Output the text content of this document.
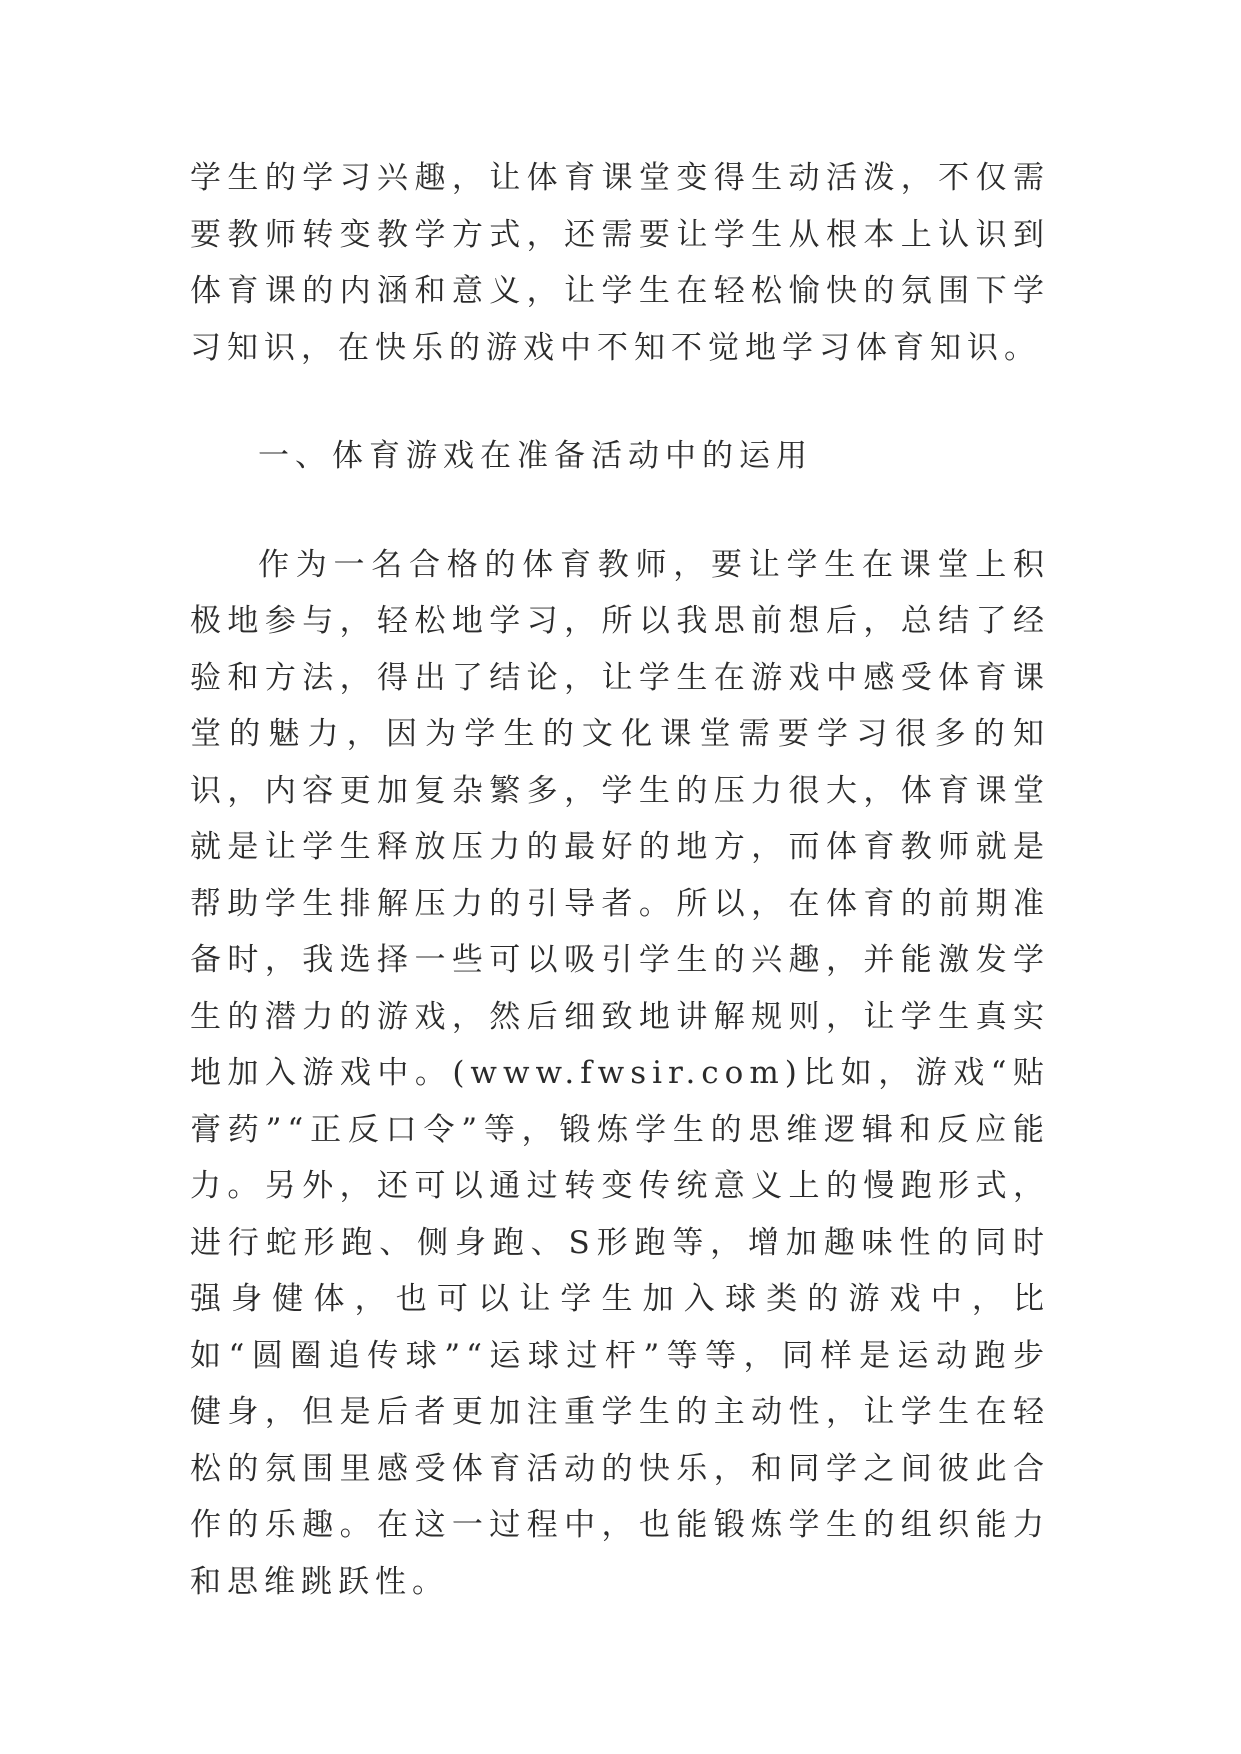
学生的学习兴趣，让体育课堂变得生动活泼，不仅需要教师转变教学方式，还需要让学生从根本上认识到体育课的内涵和意义，让学生在轻松愉快的氛围下学习知识，在快乐的游戏中不知不觉地学习体育知识。

一、体育游戏在准备活动中的运用

作为一名合格的体育教师，要让学生在课堂上积极地参与，轻松地学习，所以我思前想后，总结了经验和方法，得出了结论，让学生在游戏中感受体育课堂的魅力，因为学生的文化课堂需要学习很多的知识，内容更加复杂繁多，学生的压力很大，体育课堂就是让学生释放压力的最好的地方，而体育教师就是帮助学生排解压力的引导者。所以，在体育的前期准备时，我选择一些可以吸引学生的兴趣，并能激发学生的潜力的游戏，然后细致地讲解规则，让学生真实地加入游戏中。(www.fwsir.com)比如，游戏“贴膏药”“正反口令”等，锻炼学生的思维逻辑和反应能力。另外，还可以通过转变传统意义上的慢跑形式，进行蛇形跑、侧身跑、S形跑等，增加趣味性的同时强身健体，也可以让学生加入球类的游戏中，比如“圆圈追传球”“运球过杆”等等，同样是运动跑步健身，但是后者更加注重学生的主动性，让学生在轻松的氛围里感受体育活动的快乐，和同学之间彼此合作的乐趣。在这一过程中，也能锻炼学生的组织能力和思维跳跃性。
